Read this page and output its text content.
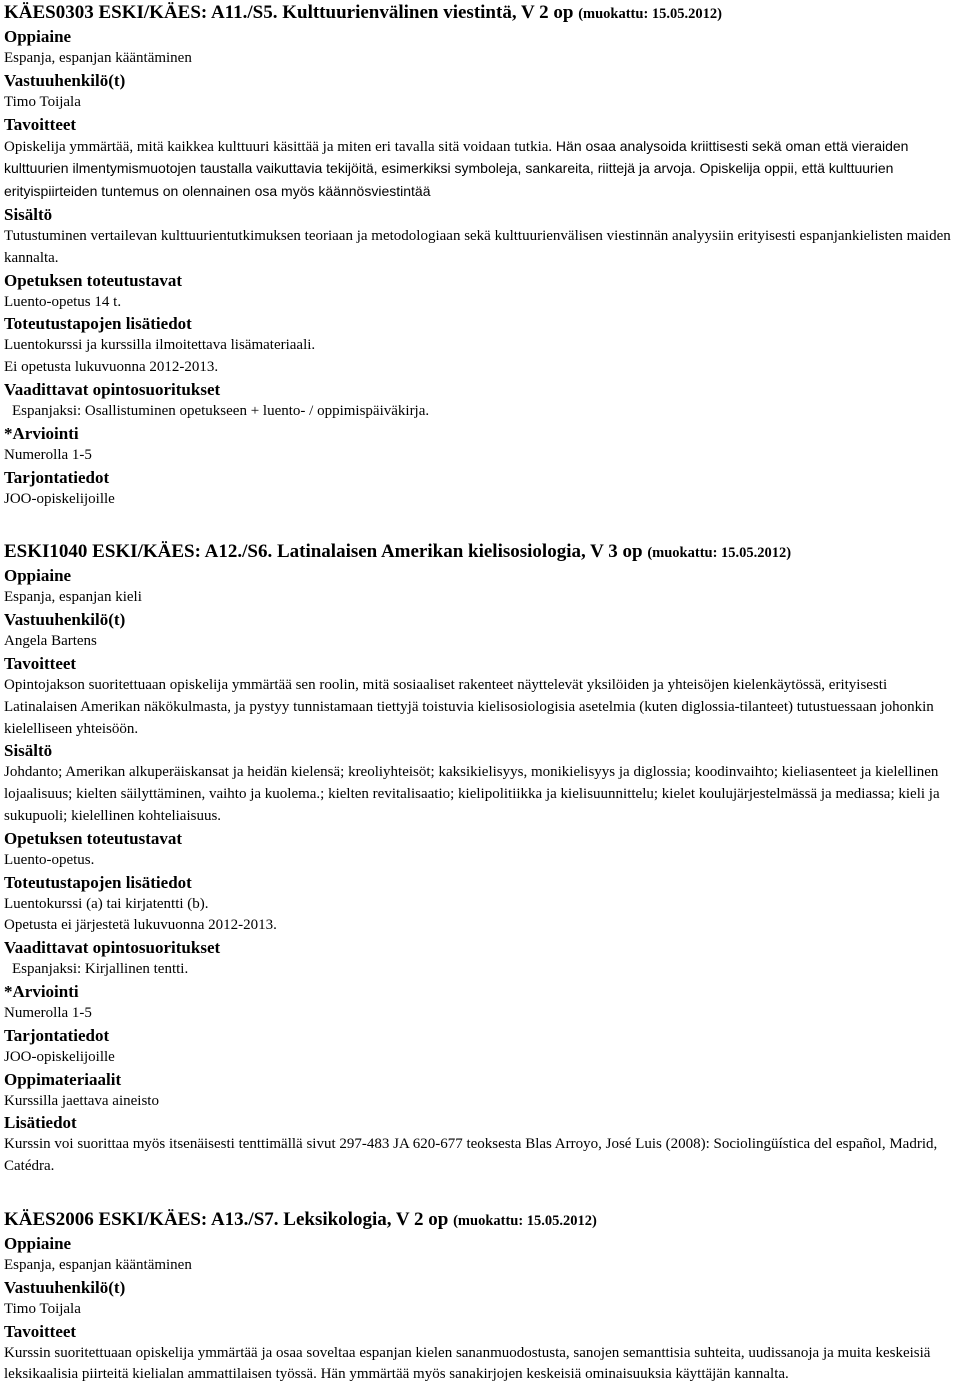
KÄES0303 ESKI/KÄES: A11./S5. Kulttuurienvälinen viestintä, V 2 op (muokattu: 15.05.2012)
Oppiaine

Espanja, espanjan kääntäminen

Vastuuhenkilö(t)

Timo Toijala

Tavoitteet

Opiskelija ymmärtää, mitä kaikkea kulttuuri käsittää ja miten eri tavalla sitä voidaan tutkia. Hän osaa analysoida kriittisesti sekä oman että vieraiden kulttuurien ilmentymismuotojen taustalla vaikuttavia tekijöitä, esimerkiksi symboleja, sankareita, riittejä ja arvoja. Opiskelija oppii, että kulttuurien erityispiirteiden tuntemus on olennainen osa myös käännösviestintää

Sisältö

Tutustuminen vertailevan kulttuurientutkimuksen teoriaan ja metodologiaan sekä kulttuurienvälisen viestinnän analyysiin erityisesti espanjankielisten maiden kannalta.

Opetuksen toteutustavat

Luento-opetus 14 t.

Toteutustapojen lisätiedot

Luentokurssi ja kurssilla ilmoitettava lisämateriaali.

Ei opetusta lukuvuonna 2012-2013.

Vaadittavat opintosuoritukset

Espanjaksi: Osallistuminen opetukseen + luento- / oppimispäiväkirja.

*Arviointi

Numerolla 1-5

Tarjontatiedot

JOO-opiskelijoille

ESKI1040 ESKI/KÄES: A12./S6. Latinalaisen Amerikan kielisosiologia, V 3 op (muokattu: 15.05.2012)
Oppiaine

Espanja, espanjan kieli

Vastuuhenkilö(t)

Angela Bartens

Tavoitteet

Opintojakson suoritettuaan opiskelija ymmärtää sen roolin, mitä sosiaaliset rakenteet näyttelevät yksilöiden ja yhteisöjen kielenkäytössä, erityisesti Latinalaisen Amerikan näkökulmasta, ja pystyy tunnistamaan tiettyjä toistuvia kielisosiologisia asetelmia (kuten diglossia-tilanteet) tutustuessaan johonkin kielelliseen yhteisöön.

Sisältö

Johdanto; Amerikan alkuperäiskansat ja heidän kielensä; kreoliyhteisöt; kaksikielisyys, monikielisyys ja diglossia; koodinvaihto; kieliasenteet ja kielellinen lojaalisuus; kielten säilyttäminen, vaihto ja kuolema.; kielten revitalisaatio; kielipolitiikka ja kielisuunnittelu; kielet koulujärjestelmässä ja mediassa; kieli ja sukupuoli; kielellinen kohteliaisuus.

Opetuksen toteutustavat

Luento-opetus.

Toteutustapojen lisätiedot

Luentokurssi (a) tai kirjatentti (b).

Opetusta ei järjestetä lukuvuonna 2012-2013.

Vaadittavat opintosuoritukset

Espanjaksi: Kirjallinen tentti.

*Arviointi

Numerolla 1-5

Tarjontatiedot

JOO-opiskelijoille

Oppimateriaalit

Kurssilla jaettava aineisto

Lisätiedot

Kurssin voi suorittaa myös itsenäisesti tenttimällä sivut 297-483 JA 620-677 teoksesta Blas Arroyo, José Luis (2008): Sociolingüística del español, Madrid, Catédra.

KÄES2006 ESKI/KÄES: A13./S7. Leksikologia, V 2 op (muokattu: 15.05.2012)
Oppiaine

Espanja, espanjan kääntäminen

Vastuuhenkilö(t)

Timo Toijala

Tavoitteet

Kurssin suoritettuaan opiskelija ymmärtää ja osaa soveltaa espanjan kielen sananmuodostusta, sanojen semanttisia suhteita, uudissanoja ja muita keskeisiä leksikaalisia piirteitä kielialan ammattilaisen työssä. Hän ymmärtää myös sanakirjojen keskeisiä ominaisuuksia käyttäjän kannalta.
